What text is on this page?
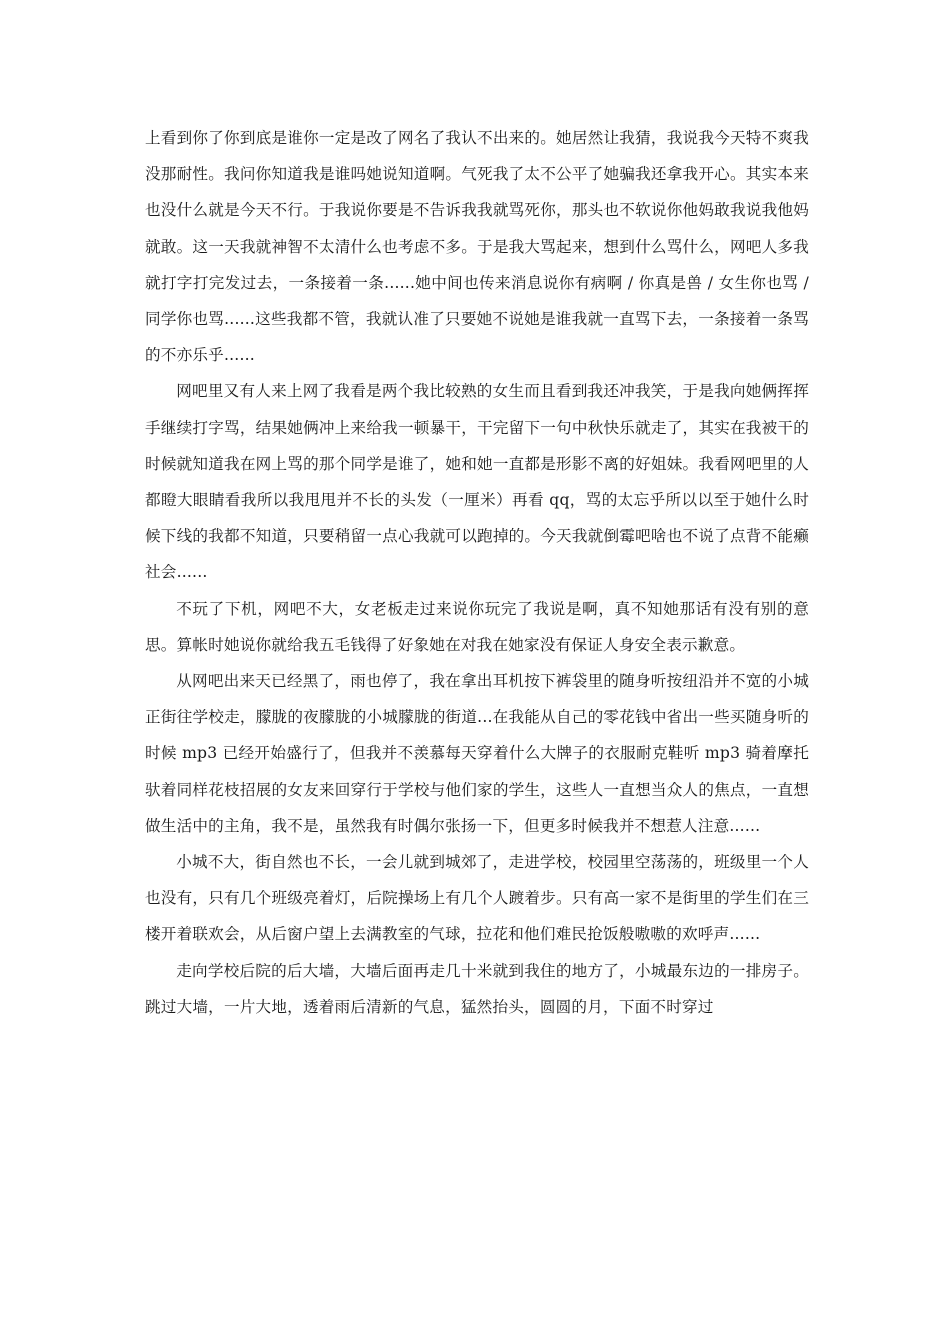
上看到你了你到底是谁你一定是改了网名了我认不出来的。她居然让我猜，我说我今天特不爽我没那耐性。我问你知道我是谁吗她说知道啊。气死我了太不公平了她骗我还拿我开心。其实本来也没什么就是今天不行。于我说你要是不告诉我我就骂死你，那头也不软说你他妈敢我说我他妈就敢。这一天我就神智不太清什么也考虑不多。于是我大骂起来，想到什么骂什么，网吧人多我就打字打完发过去，一条接着一条......她中间也传来消息说你有病啊 / 你真是兽 / 女生你也骂 / 同学你也骂......这些我都不管，我就认准了只要她不说她是谁我就一直骂下去，一条接着一条骂的不亦乐乎......

网吧里又有人来上网了我看是两个我比较熟的女生而且看到我还冲我笑，于是我向她俩挥挥手继续打字骂，结果她俩冲上来给我一顿暴干，干完留下一句中秋快乐就走了，其实在我被干的时候就知道我在网上骂的那个同学是谁了，她和她一直都是形影不离的好姐妹。我看网吧里的人都瞪大眼睛看我所以我甩甩并不长的头发（一厘米）再看 qq，骂的太忘乎所以以至于她什么时候下线的我都不知道，只要稍留一点心我就可以跑掉的。今天我就倒霉吧啥也不说了点背不能癞社会......

不玩了下机，网吧不大，女老板走过来说你玩完了我说是啊，真不知她那话有没有别的意思。算帐时她说你就给我五毛钱得了好象她在对我在她家没有保证人身安全表示歉意。

从网吧出来天已经黑了，雨也停了，我在拿出耳机按下裤袋里的随身听按纽沿并不宽的小城正街往学校走，朦胧的夜朦胧的小城朦胧的街道...在我能从自己的零花钱中省出一些买随身听的时候 mp3 已经开始盛行了，但我并不羡慕每天穿着什么大牌子的衣服耐克鞋听 mp3 骑着摩托驮着同样花枝招展的女友来回穿行于学校与他们家的学生，这些人一直想当众人的焦点，一直想做生活中的主角，我不是，虽然我有时偶尔张扬一下，但更多时候我并不想惹人注意......

小城不大，街自然也不长，一会儿就到城郊了，走进学校，校园里空荡荡的，班级里一个人也没有，只有几个班级亮着灯，后院操场上有几个人踱着步。只有高一家不是街里的学生们在三楼开着联欢会，从后窗户望上去满教室的气球，拉花和他们难民抢饭般嗷嗷的欢呼声......

走向学校后院的后大墙，大墙后面再走几十米就到我住的地方了，小城最东边的一排房子。跳过大墙，一片大地，透着雨后清新的气息，猛然抬头，圆圆的月，下面不时穿过
